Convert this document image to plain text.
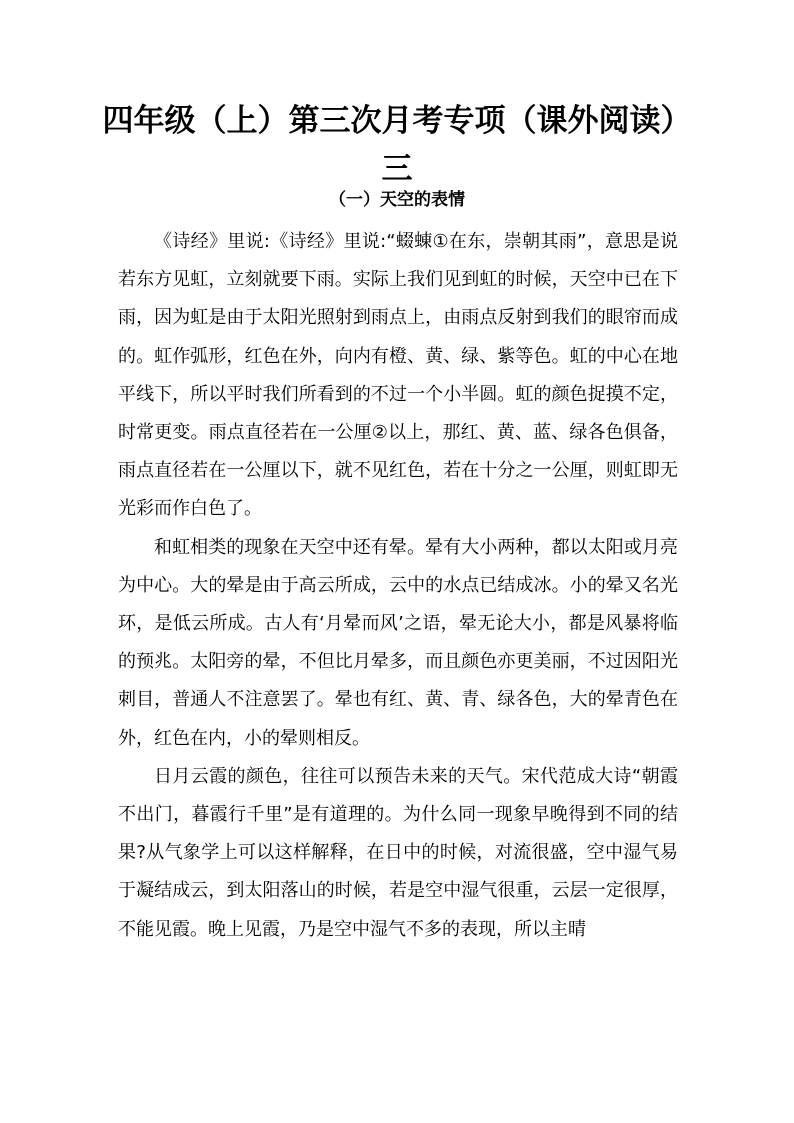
四年级（上）第三次月考专项（课外阅读）三
（一）天空的表情

《诗经》里说:《诗经》里说:“蝃蝀①在东，崇朝其雨”，意思是说若东方见虹，立刻就要下雨。实际上我们见到虹的时候，天空中已在下雨，因为虹是由于太阳光照射到雨点上，由雨点反射到我们的眼帘而成的。虹作弧形，红色在外，向内有橙、黄、绿、紫等色。虹的中心在地平线下，所以平时我们所看到的不过一个小半圆。虹的颜色捉摸不定，时常更变。雨点直径若在一公厘②以上，那红、黄、蓝、绿各色俱备，雨点直径若在一公厘以下，就不见红色，若在十分之一公厘，则虹即无光彩而作白色了。

和虹相类的现象在天空中还有晕。晕有大小两种，都以太阳或月亮为中心。大的晕是由于高云所成，云中的水点已结成冰。小的晕又名光环，是低云所成。古人有‘月晕而风’之语，晕无论大小，都是风暴将临的预兆。太阳旁的晕，不但比月晕多，而且颜色亦更美丽，不过因阳光刺目，普通人不注意罢了。晕也有红、黄、青、绿各色，大的晕青色在外，红色在内，小的晕则相反。

日月云霞的颜色，往往可以预告未来的天气。宋代范成大诗“朝霞不出门，暮霞行千里”是有道理的。为什么同一现象早晚得到不同的结果?从气象学上可以这样解释，在日中的时候，对流很盛，空中湿气易于凝结成云，到太阳落山的时候，若是空中湿气很重，云层一定很厚，不能见霞。晚上见霞，乃是空中湿气不多的表现，所以主晴
